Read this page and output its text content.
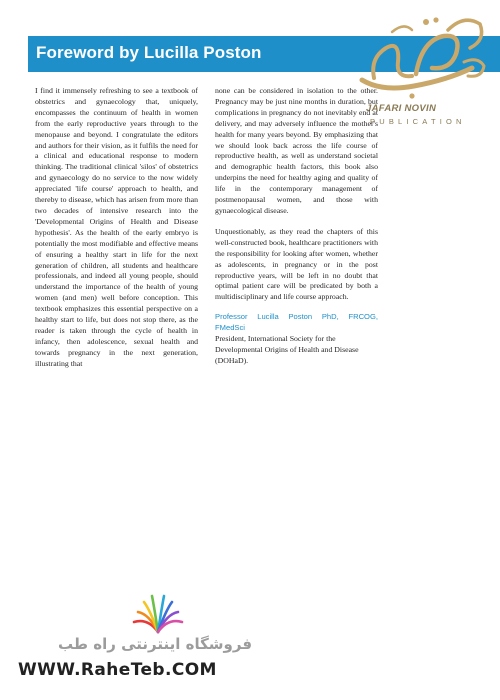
Foreword by Lucilla Poston
JAFARI NOVIN
PUBLICATION

I find it immensely refreshing to see a textbook of obstetrics and gynaecology that, uniquely, encompasses the continuum of health in women from the early reproductive years through to the menopause and beyond. I congratulate the editors and authors for their vision, as it fulfils the need for a clinical and educational response to modern thinking. The traditional clinical 'silos' of obstetrics and gynaecology do no service to the now widely appreciated 'life course' approach to health, and thereby to disease, which has arisen from more than two decades of intensive research into the 'Developmental Origins of Health and Disease hypothesis'. As the health of the early embryo is potentially the most modifiable and effective means of ensuring a healthy start in life for the next generation of children, all students and healthcare professionals, and indeed all young people, should understand the importance of the health of young women (and men) well before conception. This textbook emphasizes this essential perspective on a healthy start to life, but does not stop there, as the reader is taken through the cycle of health in infancy, then adolescence, sexual health and towards pregnancy in the next generation, illustrating that

none can be considered in isolation to the other. Pregnancy may be just nine months in duration, but complications in pregnancy do not inevitably end at delivery, and may adversely influence the mother's health for many years beyond. By emphasizing that we should look back across the life course of reproductive health, as well as understand societal and demographic health factors, this book also underpins the need for healthy aging and quality of life in the contemporary management of postmenopausal women, and those with gynaecological disease.

Unquestionably, as they read the chapters of this well-constructed book, healthcare practitioners with the responsibility for looking after women, whether as adolescents, in pregnancy or in the post reproductive years, will be left in no doubt that optimal patient care will be predicated by both a multidisciplinary and life course approach.

Professor Lucilla Poston PhD, FRCOG, FMedSci
President, International Society for the Developmental Origins of Health and Disease (DOHaD).
فروشگاه اینترنتی راه طب
WWW.RaheTeb.COM
